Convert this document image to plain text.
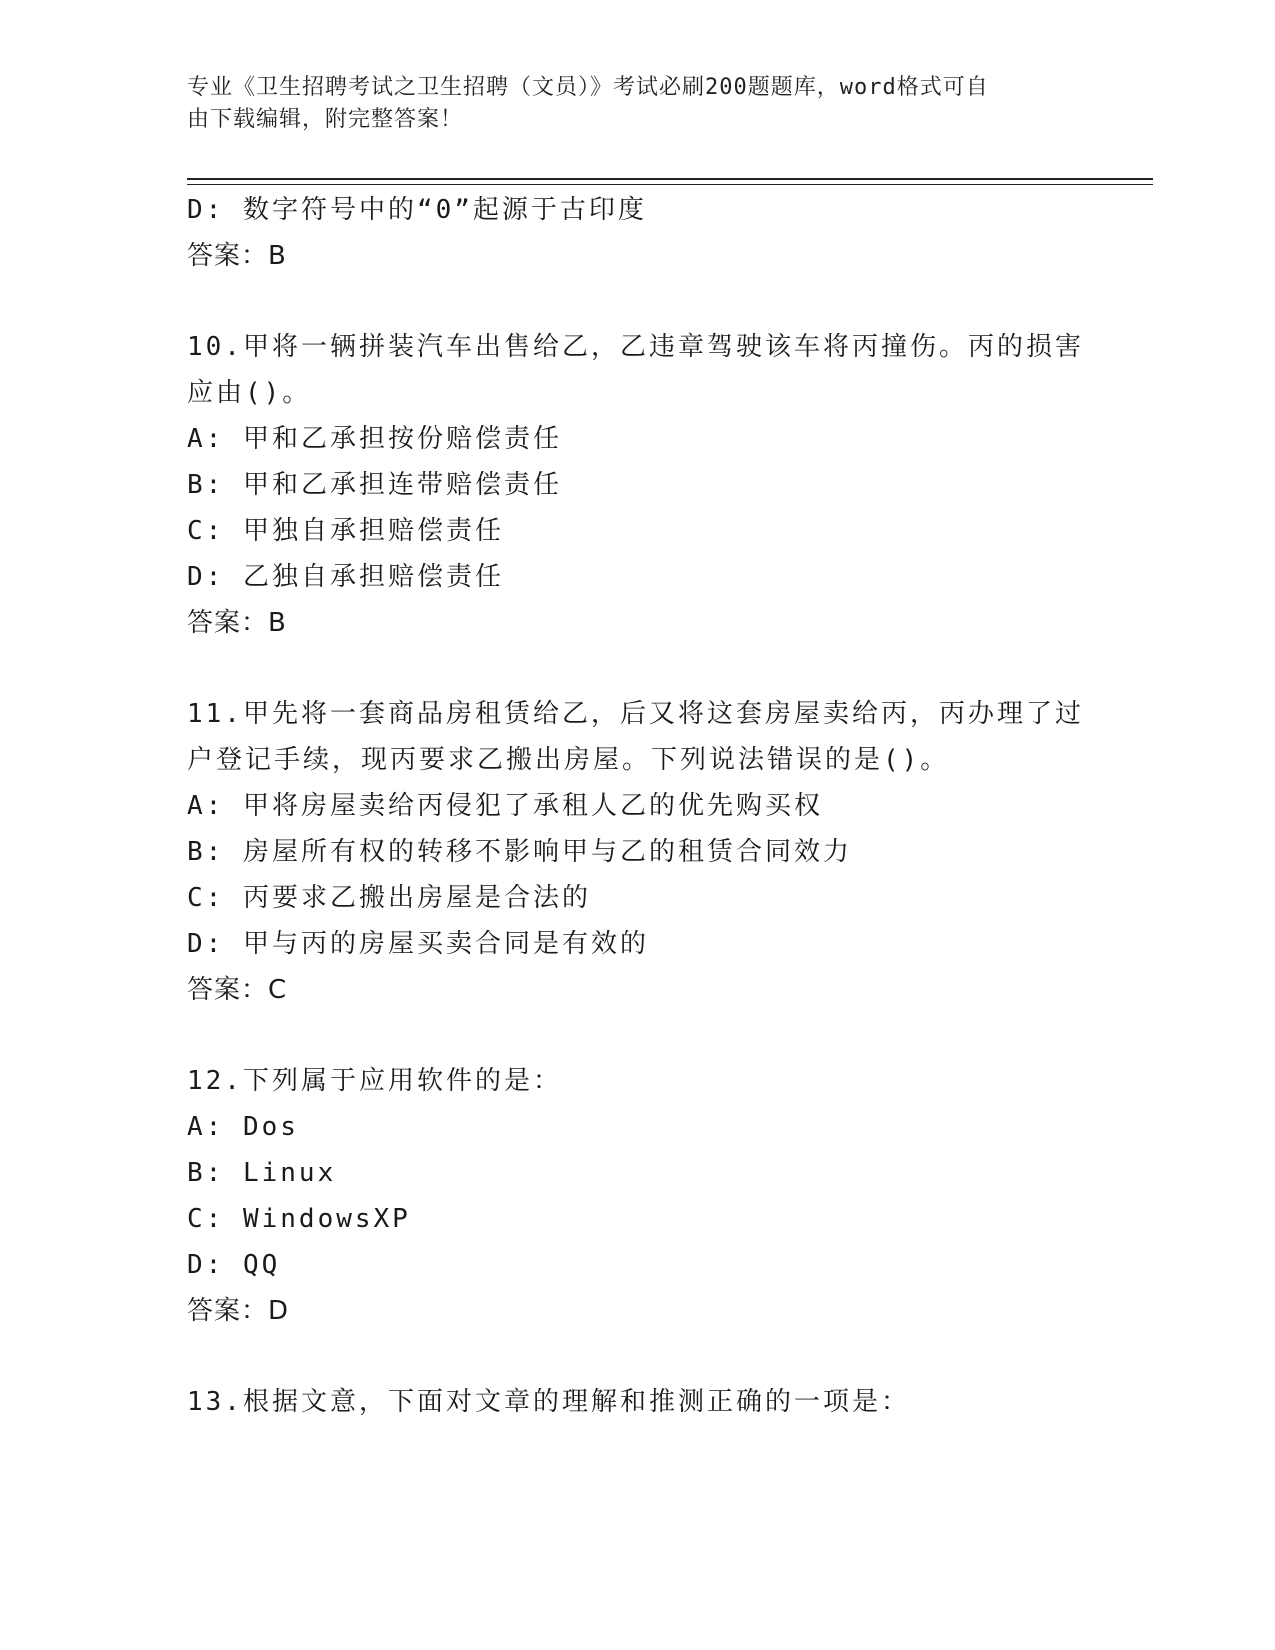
专业《卫生招聘考试之卫生招聘（文员）》考试必刷200题题库，word格式可自
由下载编辑，附完整答案！
D: 数字符号中的“0”起源于古印度
答案：B
10.甲将一辆拼装汽车出售给乙，乙违章驾驶该车将丙撞伤。丙的损害
应由()。
A: 甲和乙承担按份赔偿责任
B: 甲和乙承担连带赔偿责任
C: 甲独自承担赔偿责任
D: 乙独自承担赔偿责任
答案：B
11.甲先将一套商品房租赁给乙，后又将这套房屋卖给丙，丙办理了过
户登记手续，现丙要求乙搬出房屋。下列说法错误的是()。
A: 甲将房屋卖给丙侵犯了承租人乙的优先购买权
B: 房屋所有权的转移不影响甲与乙的租赁合同效力
C: 丙要求乙搬出房屋是合法的
D: 甲与丙的房屋买卖合同是有效的
答案：C
12.下列属于应用软件的是：
A: Dos
B: Linux
C: WindowsXP
D: QQ
答案：D
13.根据文意，下面对文章的理解和推测正确的一项是：
